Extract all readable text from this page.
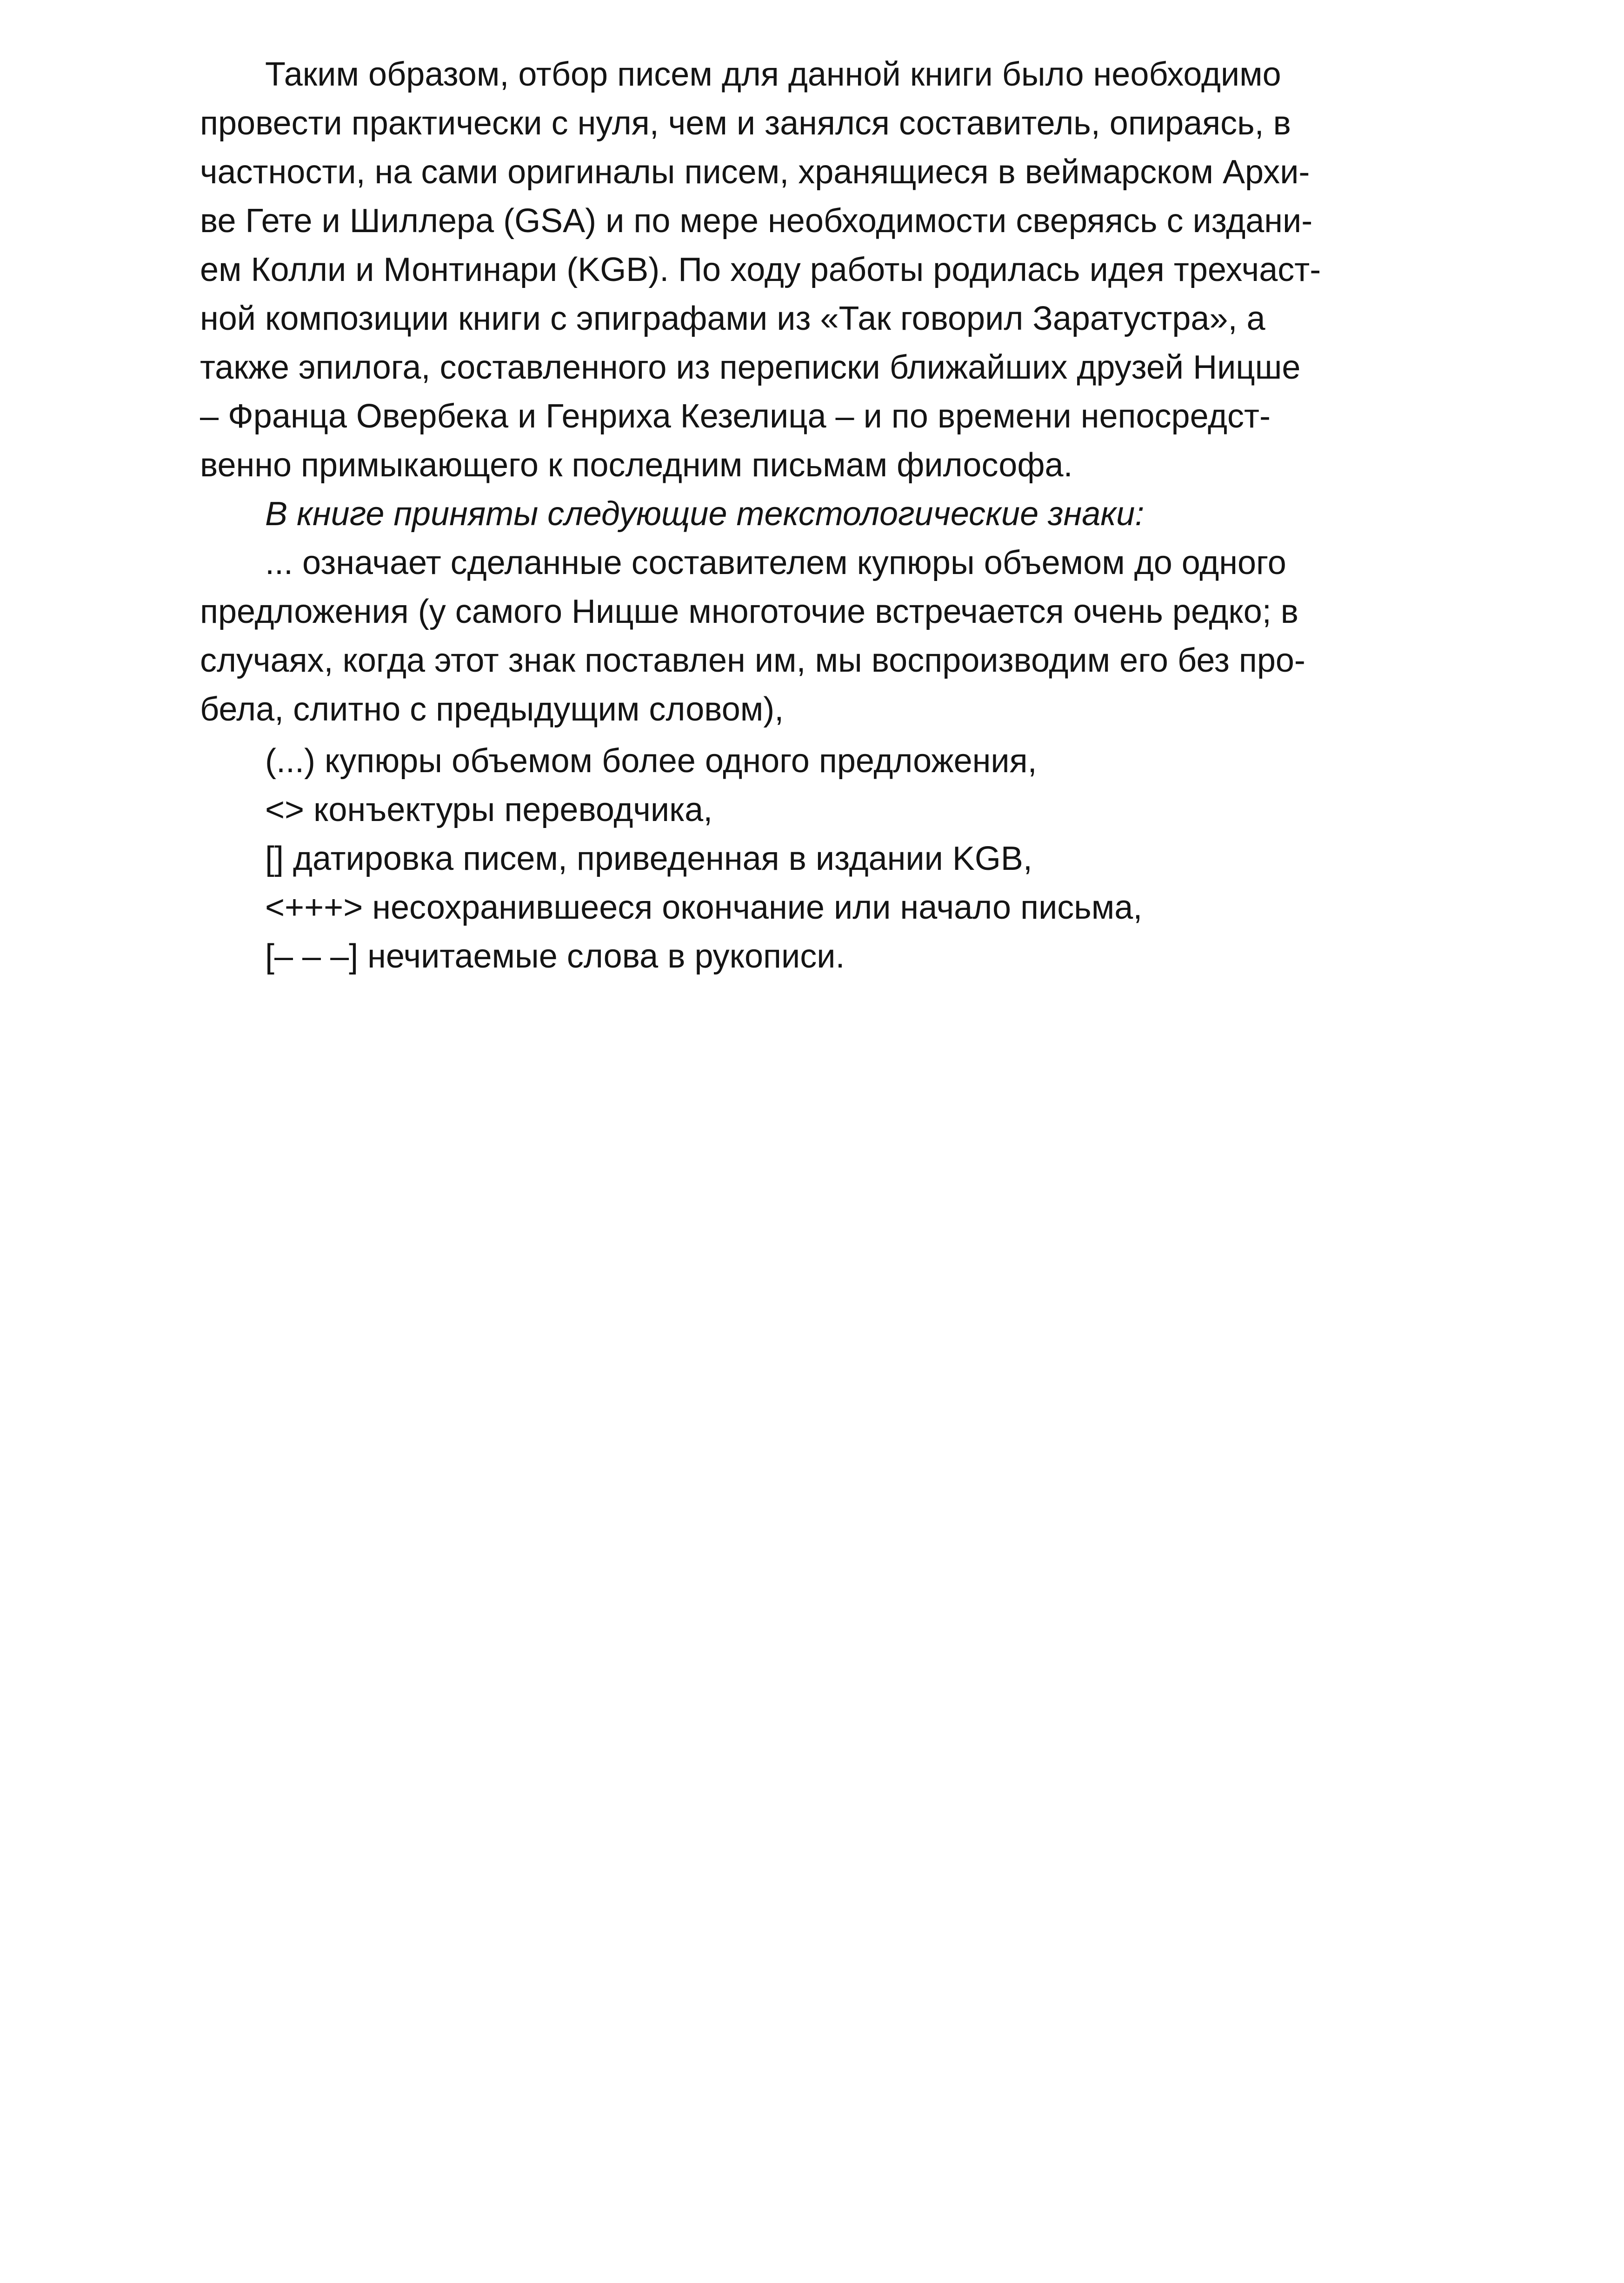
Таким образом, отбор писем для данной книги было необходимо
провести практически с нуля, чем и занялся составитель, опираясь, в
частности, на сами оригиналы писем, хранящиеся в веймарском Архи-
ве Гете и Шиллера (GSA) и по мере необходимости сверяясь с издани-
ем Колли и Монтинари (KGB). По ходу работы родилась идея трехчаст-
ной композиции книги с эпиграфами из «Так говорил Заратустра», а
также эпилога, составленного из переписки ближайших друзей Ницше
– Франца Овербека и Генриха Кезелица – и по времени непосредст-
венно примыкающего к последним письмам философа.
В книге приняты следующие текстологические знаки:
... означает сделанные составителем купюры объемом до одного
предложения (у самого Ницше многоточие встречается очень редко; в
случаях, когда этот знак поставлен им, мы воспроизводим его без про-
бела, слитно с предыдущим словом),
(...) купюры объемом более одного предложения,
<> конъектуры переводчика,
[] датировка писем, приведенная в издании KGB,
<+++> несохранившееся окончание или начало письма,
[– – –] нечитаемые слова в рукописи.
